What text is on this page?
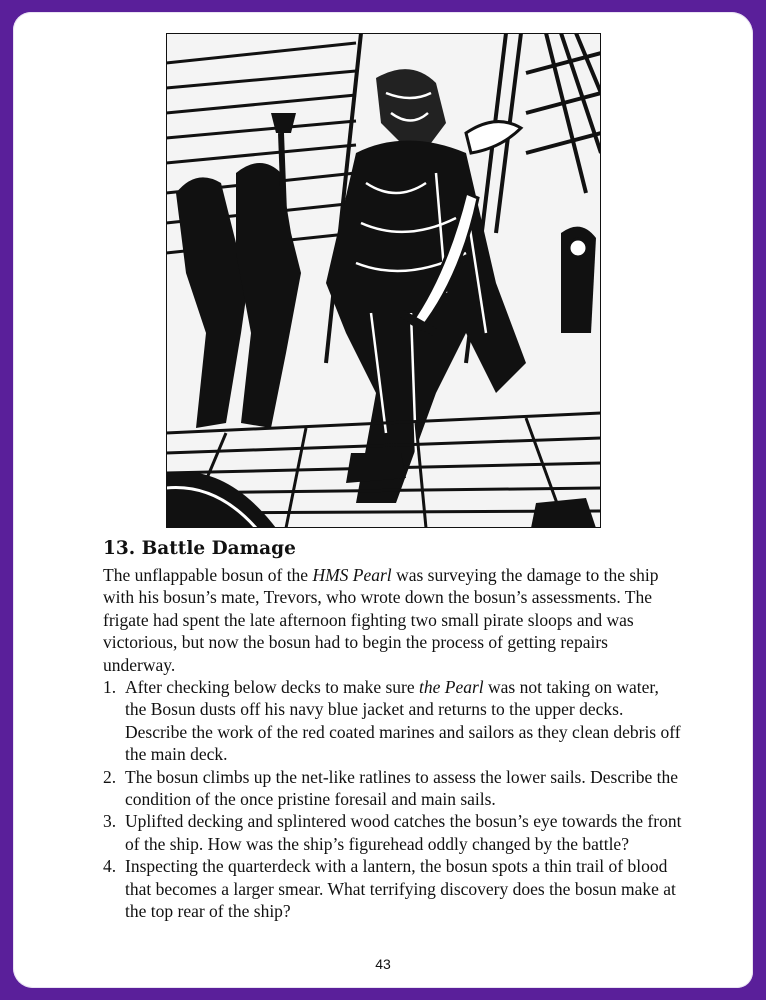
13. Battle Damage

The unflappable bosun of the HMS Pearl was surveying the damage to the ship with his bosun’s mate, Trevors, who wrote down the bosun’s assessments. The frigate had spent the late afternoon fighting two small pirate sloops and was victorious, but now the bosun had to begin the process of getting repairs underway.

1. After checking below decks to make sure the Pearl was not taking on water, the Bosun dusts off his navy blue jacket and returns to the upper decks. Describe the work of the red coated marines and sailors as they clean debris off the main deck.
2. The bosun climbs up the net-like ratlines to assess the lower sails. Describe the condition of the once pristine foresail and main sails.
3. Uplifted decking and splintered wood catches the bosun’s eye towards the front of the ship. How was the ship’s figurehead oddly changed by the battle?
4. Inspecting the quarterdeck with a lantern, the bosun spots a thin trail of blood that becomes a larger smear. What terrifying discovery does the bosun make at the top rear of the ship?
43
